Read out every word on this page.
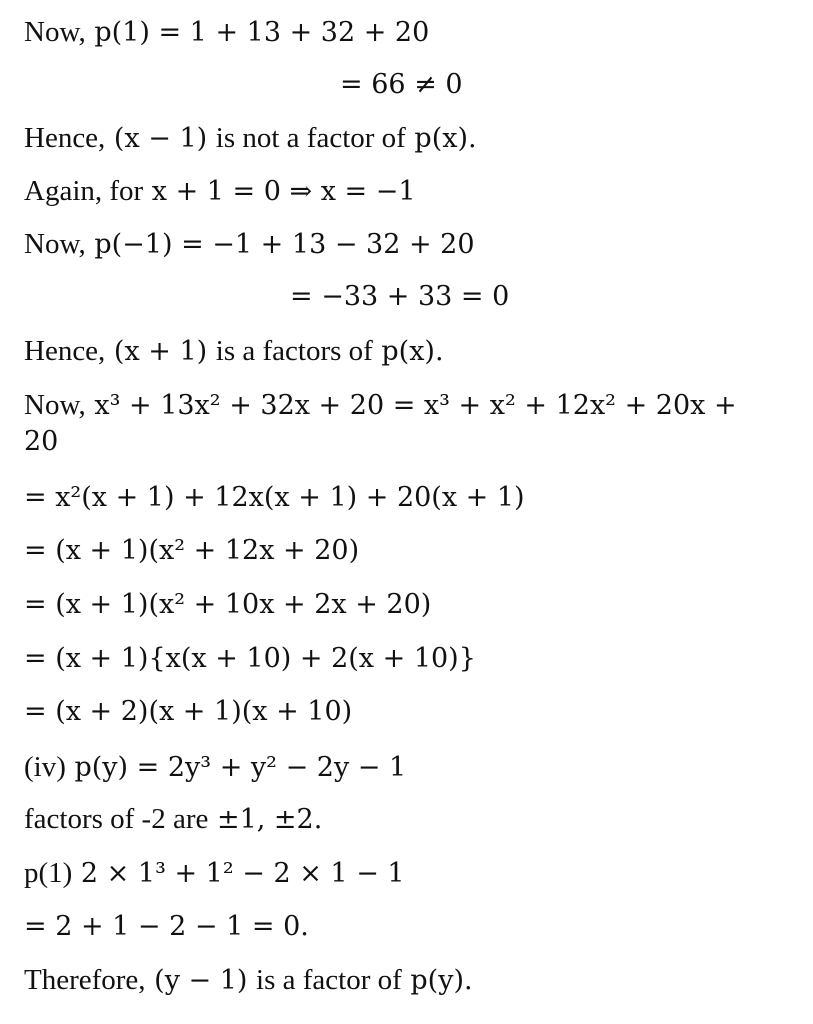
Now, p(1) = 1 + 13 + 32 + 20

= 66 ≠ 0

Hence, (x − 1) is not a factor of p(x).

Again, for x + 1 = 0 ⇒ x = −1

Now, p(−1) = −1 + 13 − 32 + 20

= −33 + 33 = 0

Hence, (x + 1) is a factors of p(x).

Now, x³ + 13x² + 32x + 20 = x³ + x² + 12x² + 20x +

20

= x²(x + 1) + 12x(x + 1) + 20(x + 1)

= (x + 1)(x² + 12x + 20)

= (x + 1)(x² + 10x + 2x + 20)

= (x + 1){x(x + 10) + 2(x + 10)}

= (x + 2)(x + 1)(x + 10)

(iv) p(y) = 2y³ + y² − 2y − 1

factors of -2 are ±1, ±2.

p(1) 2 × 1³ + 1² − 2 × 1 − 1

= 2 + 1 − 2 − 1 = 0.

Therefore, (y − 1) is a factor of p(y).
